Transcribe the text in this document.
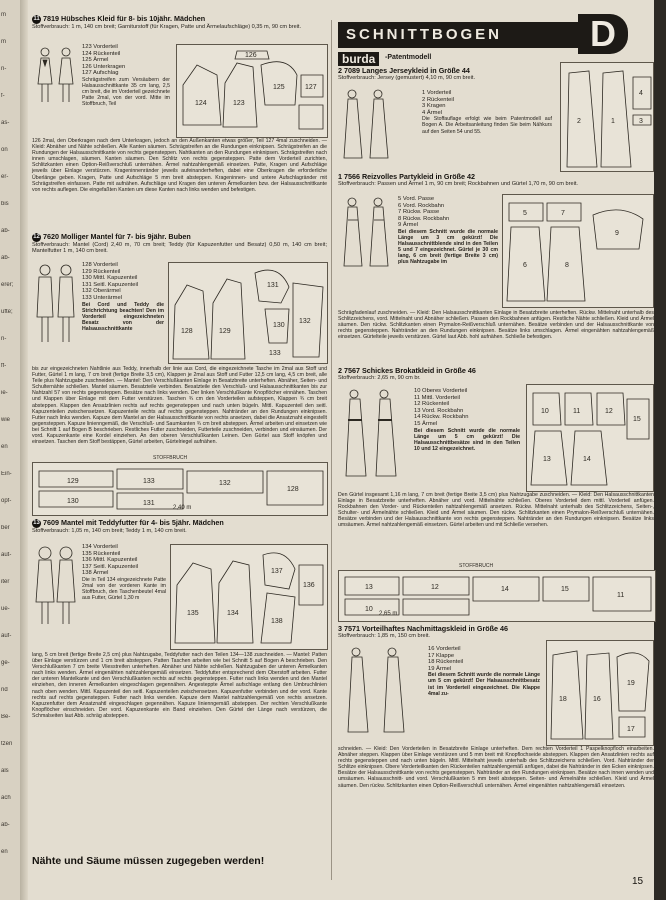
m
m
n-
f-
as-
on
er-
bis
ab-
ab-
erer;
ufte;
n-
ff-
ie-
wie
en
Ein-
opf-
ber
aut-
iter
ue-
auf-
ge-
nd
Be-
tzen
als
ach
ab-
en
11 7819 Hübsches Kleid für 8- bis 10jähr. Mädchen
Stoffverbrauch: 1 m, 140 cm breit; Garniturstoff (für Kragen, Patte und Ärmelaufschläge) 0,35 m, 90 cm breit.
123 Vorderteil
124 Rückenteil
125 Ärmel
126 Unterkragen
127 Aufschlag
Schrägstreifen zum Versäubern der Halsausschnittkante 35 cm lang, 2,5 cm breit, die im Vorderteil gezeichnete Patte 2mal, von der vord. Mitte im Stoffbruch, Teil	124	123
125
126
127
126 2mal, den Oberkragen nach dem Unterkragen, jedoch an den Außenkanten etwas größer, Teil 127 4mal zuschneiden. — Kleid: Abnäher und Nähte schließen. Alle Kanten säumen. Schrägstreifen an die Rundungen einknipsen. Schrägstreifen an die Rundungen der Halsausschnittkante von rechts gegensteppen. Nahtkanten an den Rundungen einknipsen. Schrägstreifen nach innen umschlagen, säumen. Kanten säumen. Den Schlitz von rechts gegensteppen. Patte dem Vorderteil zurichten, Schlitzkanten einen Option-Reißverschluß unternähen. Ärmel nahtzahlengemäß einsetzen. Patte, Kragen und Aufschläge jeweils über Einlage verstürzen. Krageninnenränder jeweils aufeinanderheften, dabei eine Oberkragen die erforderliche Überlänge geben. Kragen, Patte und Aufschläge 5 mm breit absteppen. Krageninnen- und untere Aufschlagränder mit Schrägstreifen einfassen. Patte mit aufnähen. Aufschläge und Kragen den unteren Ärmelkanten bzw. der Halsausschnittkante von rechts auflegen. Die eingefaßten Kanten um diese Kanten nach links wenden und befestigen.
12 7620 Molliger Mantel für 7- bis 9jähr. Buben
Stoffverbrauch: Mantel (Cord) 2,40 m, 70 cm breit; Teddy (für Kapuzenfutter und Besatz) 0,50 m, 140 cm breit; Mantelfutter 1 m, 140 cm breit.
128 Vorderteil
129 Rückenteil
130 Mittl. Kapuzenteil
131 Seitl. Kapuzenteil
132 Oberärmel
133 Unterärmel
Bei Cord und Teddy die Strichrichtung beachten! Den im Vorderteil eingezeichneten Besatz von der Halsausschnittkante	128	129
131
130
132
133
bis zur eingezeichneten Nahtlinie aus Teddy, innerhalb der linie aus Cord, die eingezeichnete Tasche im 2mal aus Stoff und Futter, Gürtel 1 m lang, 7 cm breit (fertige Breite 3,5 cm), Klappen je 2mal aus Stoff und Futter 12,5 cm lang, 4,5 cm breit, alle Teile plus Nahtzugabe zuschneiden. — Mantel: Den Verschlußkanten Einlage in Besatzbreite unterheften. Abnäher, Seiten- und Schulternähte schließen. Mantel säumen. Besatzteile verbinden. Besatzteile den Verschluß- und Halsausschnittkanten bis zur Nahtzahl 57 von rechts gegensteppen. Besätze nach links wenden. Der linken Verschlußkante Knopflöcher einnähen. Taschen und Klappen über Einlage mit dem Futter verstürzen. Taschen ¾ cm den Vorderteilen aufsteppen, Klappen ¾ cm breit absteppen. Klappen den Ansatzlinien rechts auf rechts gegensteppen und nach unten bügeln. Mittl. Kapuzenteil den seitl. Kapuzenteilen zwischensetzen. Kapuzenteile rechts auf rechts gegensteppen. Nahtränder an den Rundungen einknipsen. Futter nach links wenden. Kapuze dem Mantel an der Halsausschnittkante von rechts ansetzen, dabei die Ansatznaht eingestellt gegensteppen. Kapuze linienngemäß, die Verschluß- und Saumkanten ¾ cm breit absteppen. Ärmel arbeiten und einsetzen wie bei Schnitt 1 auf Bogen B beschrieben. Restliches Futter zuschneiden, Futterteile zuschneiden, verbinden und einsäumen. Der vord. Kapuzenkante eine Kordel einziehen. An den oberen Verschlußkanten Leinen. Den Gürtel aus Stoff knöpfen und einsetzen. Taschen dem Stoff bestäppen, Gürtel arbeiten, Gürtelriegel aufnähen.
129	133	132
128
130	131
STOFFBRUCH
2,40 m
13 7609 Mantel mit Teddyfutter für 4- bis 5jähr. Mädchen
Stoffverbrauch: 1,05 m, 140 cm breit; Teddy 1 m, 140 cm breit.
134 Vorderteil
135 Rückenteil
136 Mittl. Kapuzenteil
137 Seitl. Kapuzenteil
138 Ärmel
Die in Teil 134 eingezeichnete Patte 2mal von der vorderen Kante im Stoffbruch, den Taschenbeutel 4mal aus Futter, Gürtel 1,30 m
135	134
137
138
136
lang, 5 cm breit (fertige Breite 2,5 cm) plus Nahtzugabe, Teddyfutter nach den Teilen 134—138 zuschneiden. — Mantel: Patten über Einlage verstürzen und 1 cm breit absteppen. Patten Taschen arbeiten wie bei Schnitt 5 auf Bogen A beschrieben. Den Verschlußkanten 7 cm breite Vliesstreifen unterheften. Abnäher und Nähte schließen. Nahtzugaben der unteren Ärmelkanten nach links wenden. Ärmel eingenähten nahtzahlengemäß einsetzen. Teddyfutter entsprechend dem Oberstoff arbeiten. Futter der unteren Mantelkante und den Verschlußkanten rechts auf rechts gegensteppen. Futter nach links wenden und den Mantel einziehen, den inneren Ärmelkanten eingeschlagen gegennähen. Angesteppte Ärmel aufschlage entlang den Umbruchlinien nach oben wenden. Mittl. Kapuzenteil den seitl. Kapuzenteilen zwischensetzen. Kapuzenfutter verbinden und der vord. Kante rechts auf rechts gegensteppen. Futter nach links wenden. Kapuze dem Mantel nahtzahlengemäß von rechts ansetzen. Kapuzenfutter dem Ansatznahtl eingeschlagen gegennähen. Kapuze linienngemäß absteppen. Der rechten Verschlußkante Knopflöcher einschneiden. Der vord. Kapuzenkante ein Band einziehen. Den Gürtel der Länge nach verstürzen, die Schmalseiten laut Abb. schräg absteppen.
Nähte und Säume müssen zugegeben werden!
SCHNITTBOGEN	D
burda	-Patentmodell
2 7089 Langes Jerseykleid in Größe 44
Stoffverbrauch: Jersey (gemustert) 4,10 m, 90 cm breit.
1 Vorderteil
2 Rückenteil
3 Kragen
4 Ärmel
Die Stoffauflage erfolgt wie beim Patentmodell auf Bogen A. Die Arbeitsanleitung finden Sie beim Nähkurs auf den Seiten 54 und 55.
2	1
4
3
1 7566 Reizvolles Partykleid in Größe 42
Stoffverbrauch: Passen und Ärmel 1 m, 90 cm breit; Rockbahnen und Gürtel 1,70 m, 90 cm breit.
5 Vord. Passe
6 Vord. Rockbahn
7 Rückw. Passe
8 Rückw. Rockbahn
9 Ärmel
Bei diesem Schnitt wurde die normale Länge um 3 cm gekürzt! Die Halsausschnittblende sind in den Teilen 5 und 7 eingezeichnet. Gürtel je 30 cm lang, 6 cm breit (fertige Breite 3 cm) plus Nahtzugabe im
5	7
6	8
9
Schrägfadenlauf zuschneiden. — Kleid: Den Halsausschnittkanten Einlage in Besatzbreite unterheften. Rückw. Mittelnaht unterhalb des Schlitzzeichens, vord. Mittelnaht und Abnäher schließen. Passen den Rockbahnen anfügen. Restliche Nähte schließen. Kleid und Ärmel säumen. Den rückw. Schlitzkanten einen Prymalon-Reißverschluß unternähen. Besätze verbinden und der Halsausschnittkante von rechts gegensteppen. Nahtränder an den Rundungen einknipsen. Besätze links umschlagen. Ärmel eingenähten nahtzahlengemäß einsetzen. Gürtelteile jeweils verstürzen. Gürtel laut Abb. hohl aufnähen. Schließe befestigen.
2 7567 Schickes Brokatkleid in Größe 46
Stoffverbrauch: 2,65 m, 90 cm br.
10 Oberes Vorderteil
11 Mittl. Vorderteil
12 Rückenteil
13 Vord. Rockbahn
14 Rückw. Rockbahn
15 Ärmel
Bei diesem Schnitt wurde die normale Länge um 5 cm gekürzt! Die Halsausschnittbesätze sind in den Teilen 10 und 12 eingezeichnet.
10	11	12
15
13	14
Den Gürtel insgesamt 1,16 m lang, 7 cm breit (fertige Breite 3,5 cm) plus Nahtzugabe zuschneiden. — Kleid: Den Halsausschnittkanten Einlage in Besatzbreite unterheften. Abnäher und vord. Mittelnähte schließen. Oberes Vorderteil dem mittl. Vorderteil anfügen. Rockbahnen den Vorder- und Rückenteilen nahtzahlengemäß ansetzen. Rückw. Mittelnaht unterhalb des Schlitzzeichens, Seiten-, Schulter- und Ärmelnähte schließen. Kleid und Ärmel säumen. Den rückw. Schlitzkanten einen Prymalon-Reißverschluß unternähen. Besätze verbinden und der Halsausschnittkante von rechts gegensteppen. Nahtränder an den Rundungen einknipsen. Besätze links umsäumen. Ärmel nahtzahlengemäß einsetzen. Gürtel arbeiten und mit Schließe versehen.
13	12	14	15
11
10
STOFFBRUCH
2,65 m
3 7571 Vorteilhaftes Nachmittagskleid in Größe 46
Stoffverbrauch: 1,85 m, 150 cm breit.
16 Vorderteil
17 Klappe
18 Rückenteil
19 Ärmel
Bei diesem Schnitt wurde die normale Länge um 5 cm gekürzt! Der Halsausschnittbesatz ist im Vorderteil eingezeichnet. Die Klappe 4mal zu-
18	16
19
17
schneiden. — Kleid: Den Vorderteilen in Besatzbreite Einlage unterheften. Dem rechten Vorderteil 1 Paspelknopfloch einarbeiten. Abnäher steppen. Klappen über Einlage verstürzen und 5 mm breit mit Knopflochseide absteppen. Klappen den Ansatzlinien rechts auf rechts gegensteppen und nach unten bügeln. Mittl. Mittelnaht jeweils unterhalb des Schlitzzeichens schließen. Vord. Nahtränder der Schlitze einknipsen. Obere Vorderteilkanten den Rückenteilen nahtzahlengemäß anfügen, dabei die Nahtränder in den Ecken einknipsen. Besätze der Halsausschnittkante von rechts gegensteppen. Nahtränder an den Rundungen einknipsen. Besätze nach innen wenden und umsäumen. Halsausschnitt- und vord. Verschlußkanten 5 mm breit absteppen. Seiten- und Ärmelnähte schließen. Kleid und Ärmel säumen. Den rückw. Schlitzkanten einen Option-Reißverschluß unternähen. Ärmel eingenähten nahtzahlengemäß einsetzen.
15
